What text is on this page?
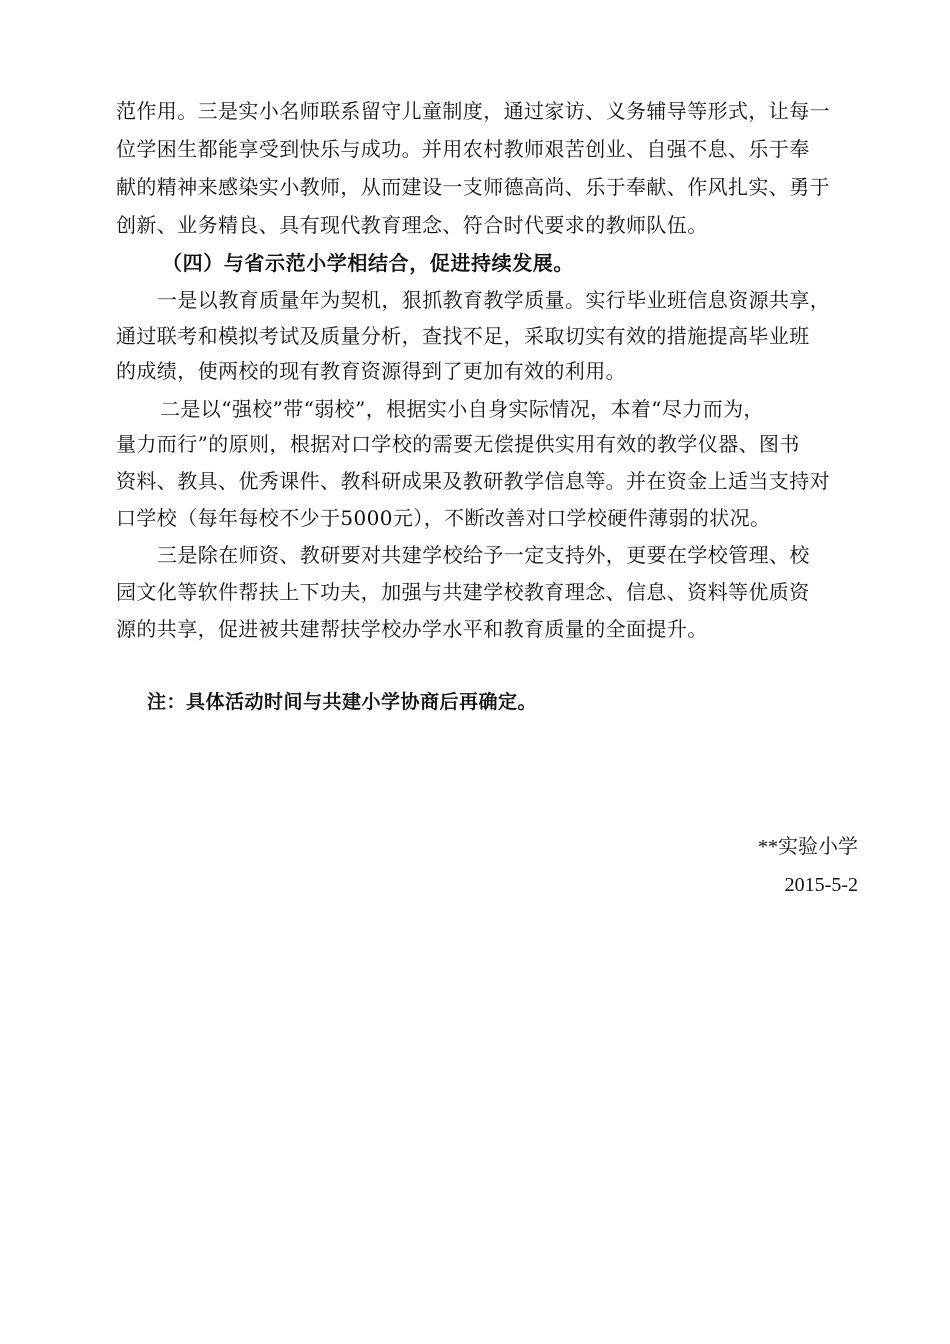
范作用。三是实小名师联系留守儿童制度，通过家访、义务辅导等形式，让每一
位学困生都能享受到快乐与成功。并用农村教师艰苦创业、自强不息、乐于奉
献的精神来感染实小教师，从而建设一支师德高尚、乐于奉献、作风扎实、勇于
创新、业务精良、具有现代教育理念、符合时代要求的教师队伍。
（四）与省示范小学相结合，促进持续发展。
一是以教育质量年为契机，狠抓教育教学质量。实行毕业班信息资源共享，
通过联考和模拟考试及质量分析，查找不足，采取切实有效的措施提高毕业班
的成绩，使两校的现有教育资源得到了更加有效的利用。
二是以“强校”带“弱校”，根据实小自身实际情况，本着“尽力而为，
量力而行”的原则，根据对口学校的需要无偿提供实用有效的教学仪器、图书
资料、教具、优秀课件、教科研成果及教研教学信息等。并在资金上适当支持对
口学校（每年每校不少于5000元），不断改善对口学校硬件薄弱的状况。
三是除在师资、教研要对共建学校给予一定支持外，更要在学校管理、校
园文化等软件帮扶上下功夫，加强与共建学校教育理念、信息、资料等优质资
源的共享，促进被共建帮扶学校办学水平和教育质量的全面提升。
注：具体活动时间与共建小学协商后再确定。
**实验小学
2015-5-2
